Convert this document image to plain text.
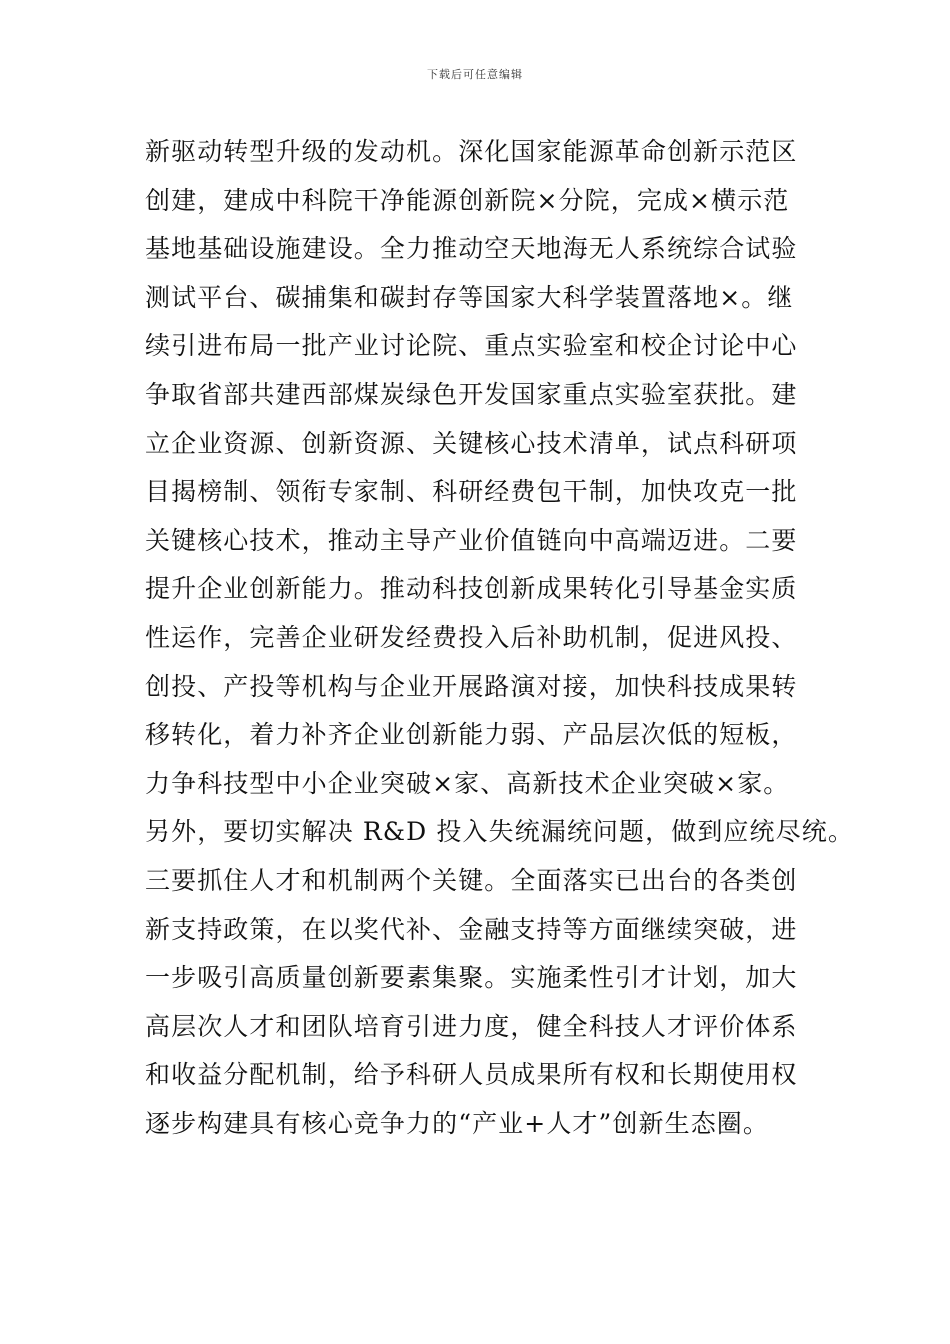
下载后可任意编辑
新驱动转型升级的发动机。深化国家能源革命创新示范区
创建，建成中科院干净能源创新院×分院，完成×横示范
基地基础设施建设。全力推动空天地海无人系统综合试验
测试平台、碳捕集和碳封存等国家大科学装置落地×。继
续引进布局一批产业讨论院、重点实验室和校企讨论中心
争取省部共建西部煤炭绿色开发国家重点实验室获批。建
立企业资源、创新资源、关键核心技术清单，试点科研项
目揭榜制、领衔专家制、科研经费包干制，加快攻克一批
关键核心技术，推动主导产业价值链向中高端迈进。二要
提升企业创新能力。推动科技创新成果转化引导基金实质
性运作，完善企业研发经费投入后补助机制，促进风投、
创投、产投等机构与企业开展路演对接，加快科技成果转
移转化，着力补齐企业创新能力弱、产品层次低的短板，
力争科技型中小企业突破×家、高新技术企业突破×家。
另外，要切实解决 R&D 投入失统漏统问题，做到应统尽统。
三要抓住人才和机制两个关键。全面落实已出台的各类创
新支持政策，在以奖代补、金融支持等方面继续突破，进
一步吸引高质量创新要素集聚。实施柔性引才计划，加大
高层次人才和团队培育引进力度，健全科技人才评价体系
和收益分配机制，给予科研人员成果所有权和长期使用权
逐步构建具有核心竞争力的“产业+人才”创新生态圈。
